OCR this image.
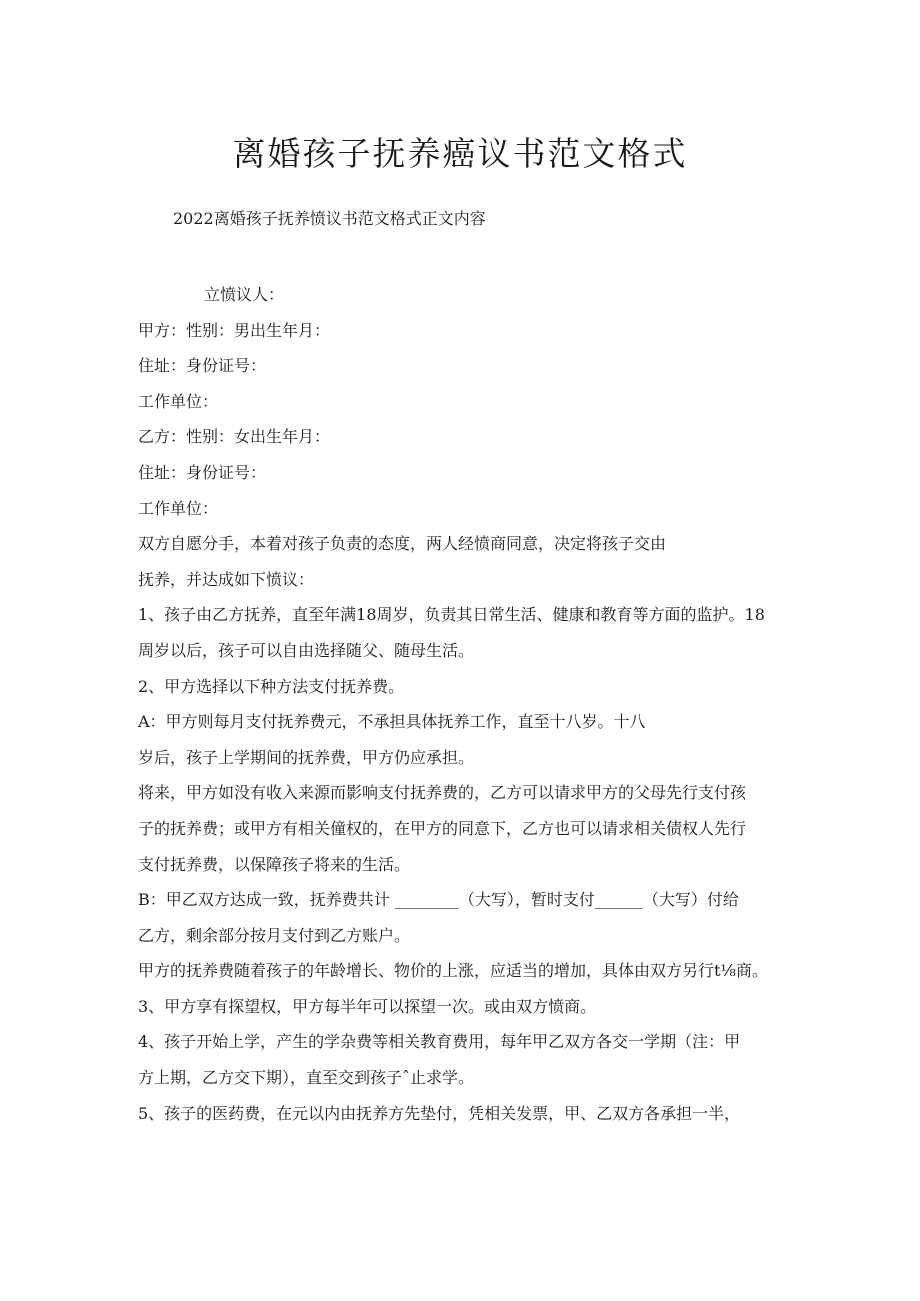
离婚孩子抚养癌议书范文格式

2022离婚孩子抚养愤议书范文格式正文内容

立愤议人：
甲方：性别：男出生年月：
住址：身份证号：
工作单位：
乙方：性别：女出生年月：
住址：身份证号：
工作单位：
双方自愿分手，本着对孩子负责的态度，两人经愤商同意，决定将孩子交由
抚养，并达成如下愤议：
1、孩子由乙方抚养，直至年满18周岁，负责其日常生活、健康和教育等方面的监护。18
周岁以后，孩子可以自由选择随父、随母生活。
2、甲方选择以下种方法支付抚养费。
A：甲方则每月支付抚养费元，不承担具体抚养工作，直至十八岁。十八
岁后，孩子上学期间的抚养费，甲方仍应承担。
将来，甲方如没有收入来源而影响支付抚养费的，乙方可以请求甲方的父母先行支付孩
子的抚养费；或甲方有相关僮权的，在甲方的同意下，乙方也可以请求相关债权人先行
支付抚养费，以保障孩子将来的生活。
B：甲乙双方达成一致，抚养费共计 ________（大写），暂时支付______（大写）付给
乙方，剩余部分按月支付到乙方账户。
甲方的抚养费随着孩子的年龄增长、物价的上涨，应适当的增加，具体由双方另行t⅛商。
3、甲方享有探望权，甲方每半年可以探望一次。或由双方愤商。
4、孩子开始上学，产生的学杂费等相关教育费用，每年甲乙双方各交一学期（注：甲
方上期，乙方交下期），直至交到孩子ˆ止求学。
5、孩子的医药费，在元以内由抚养方先垫付，凭相关发票，甲、乙双方各承担一半，
